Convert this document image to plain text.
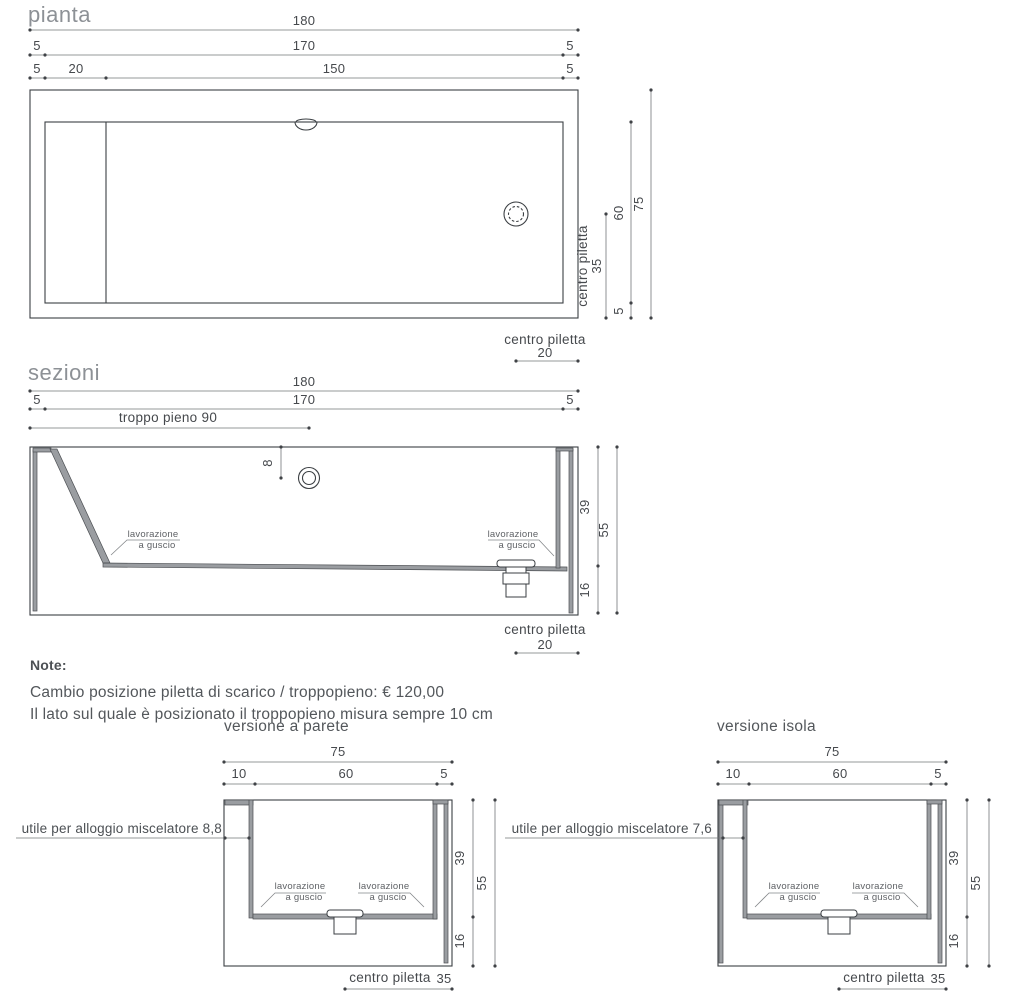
180
5	170	5
5 20	150	5
centro piletta 35
60
5
75
centro piletta
20
180
5	170	5
troppo pieno 90
8
lavorazione
a guscio
lavorazione
a guscio
39
16
55
centro piletta
20
75
10	60	5
lavorazione
a guscio
lavorazione
a guscio
39
16
55
centro piletta 35
75
10	60	5
lavorazione
a guscio
lavorazione
a guscio
39
16
55
centro piletta 35
pianta
sezioni
Note:
Cambio posizione piletta di scarico / troppopieno: € 120,00
Il lato sul quale è posizionato il troppopieno misura sempre 10 cm
versione a parete	versione isola
utile per alloggio miscelatore 8,8	utile per alloggio miscelatore 7,6
